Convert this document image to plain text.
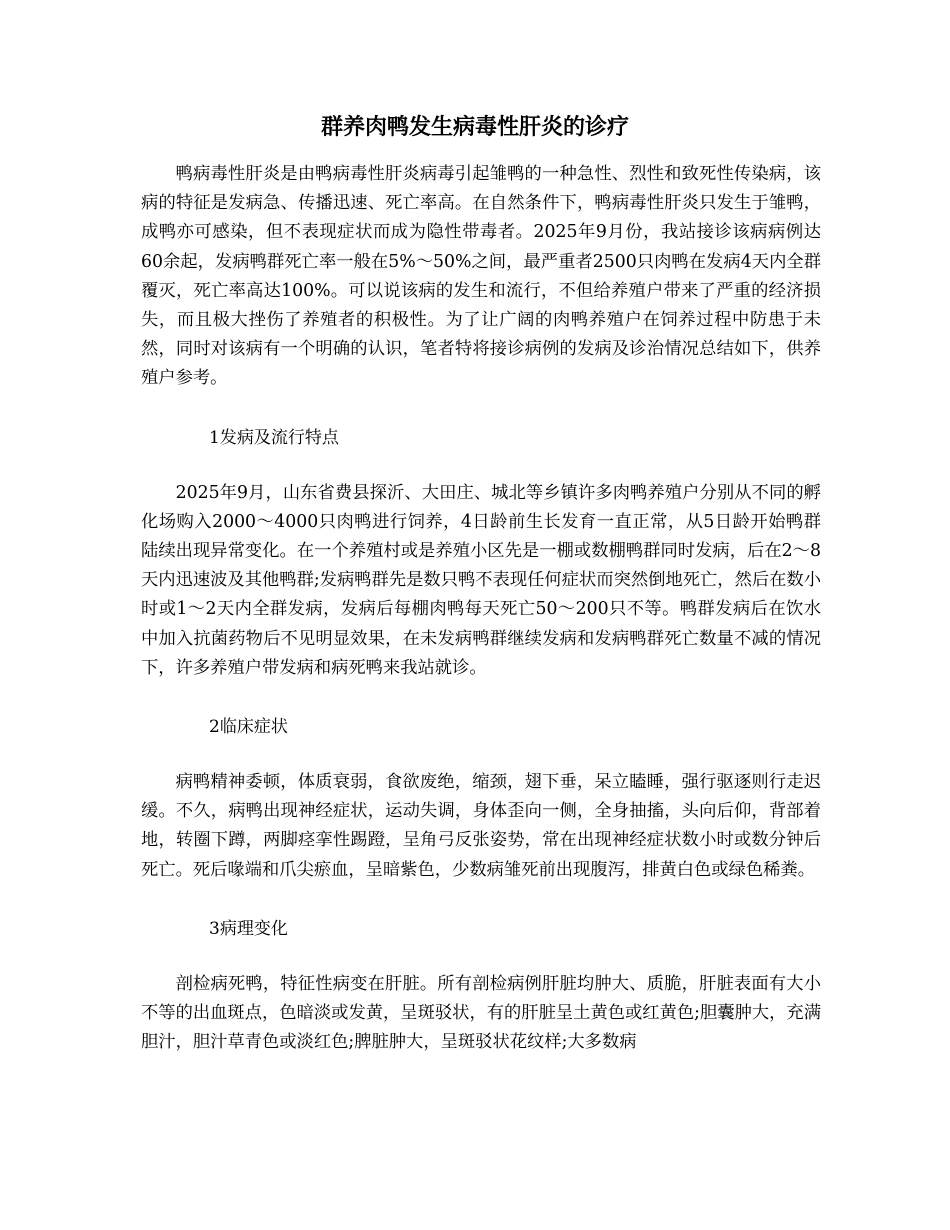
群养肉鸭发生病毒性肝炎的诊疗

鸭病毒性肝炎是由鸭病毒性肝炎病毒引起雏鸭的一种急性、烈性和致死性传染病，该病的特征是发病急、传播迅速、死亡率高。在自然条件下，鸭病毒性肝炎只发生于雏鸭，成鸭亦可感染，但不表现症状而成为隐性带毒者。2025年9月份，我站接诊该病病例达60余起，发病鸭群死亡率一般在5%～50%之间，最严重者2500只肉鸭在发病4天内全群覆灭，死亡率高达100%。可以说该病的发生和流行，不但给养殖户带来了严重的经济损失，而且极大挫伤了养殖者的积极性。为了让广阔的肉鸭养殖户在饲养过程中防患于未然，同时对该病有一个明确的认识，笔者特将接诊病例的发病及诊治情况总结如下，供养殖户参考。

1发病及流行特点

2025年9月，山东省费县探沂、大田庄、城北等乡镇许多肉鸭养殖户分别从不同的孵化场购入2000～4000只肉鸭进行饲养，4日龄前生长发育一直正常，从5日龄开始鸭群陆续出现异常变化。在一个养殖村或是养殖小区先是一棚或数棚鸭群同时发病，后在2～8天内迅速波及其他鸭群;发病鸭群先是数只鸭不表现任何症状而突然倒地死亡，然后在数小时或1～2天内全群发病，发病后每棚肉鸭每天死亡50～200只不等。鸭群发病后在饮水中加入抗菌药物后不见明显效果，在未发病鸭群继续发病和发病鸭群死亡数量不减的情况下，许多养殖户带发病和病死鸭来我站就诊。

2临床症状

病鸭精神委顿，体质衰弱，食欲废绝，缩颈，翅下垂，呆立瞌睡，强行驱逐则行走迟缓。不久，病鸭出现神经症状，运动失调，身体歪向一侧，全身抽搐，头向后仰，背部着地，转圈下蹲，两脚痉挛性踢蹬，呈角弓反张姿势，常在出现神经症状数小时或数分钟后死亡。死后喙端和爪尖瘀血，呈暗紫色，少数病雏死前出现腹泻，排黄白色或绿色稀粪。

3病理变化

剖检病死鸭，特征性病变在肝脏。所有剖检病例肝脏均肿大、质脆，肝脏表面有大小不等的出血斑点，色暗淡或发黄，呈斑驳状，有的肝脏呈土黄色或红黄色;胆囊肿大，充满胆汁，胆汁草青色或淡红色;脾脏肿大，呈斑驳状花纹样;大多数病
